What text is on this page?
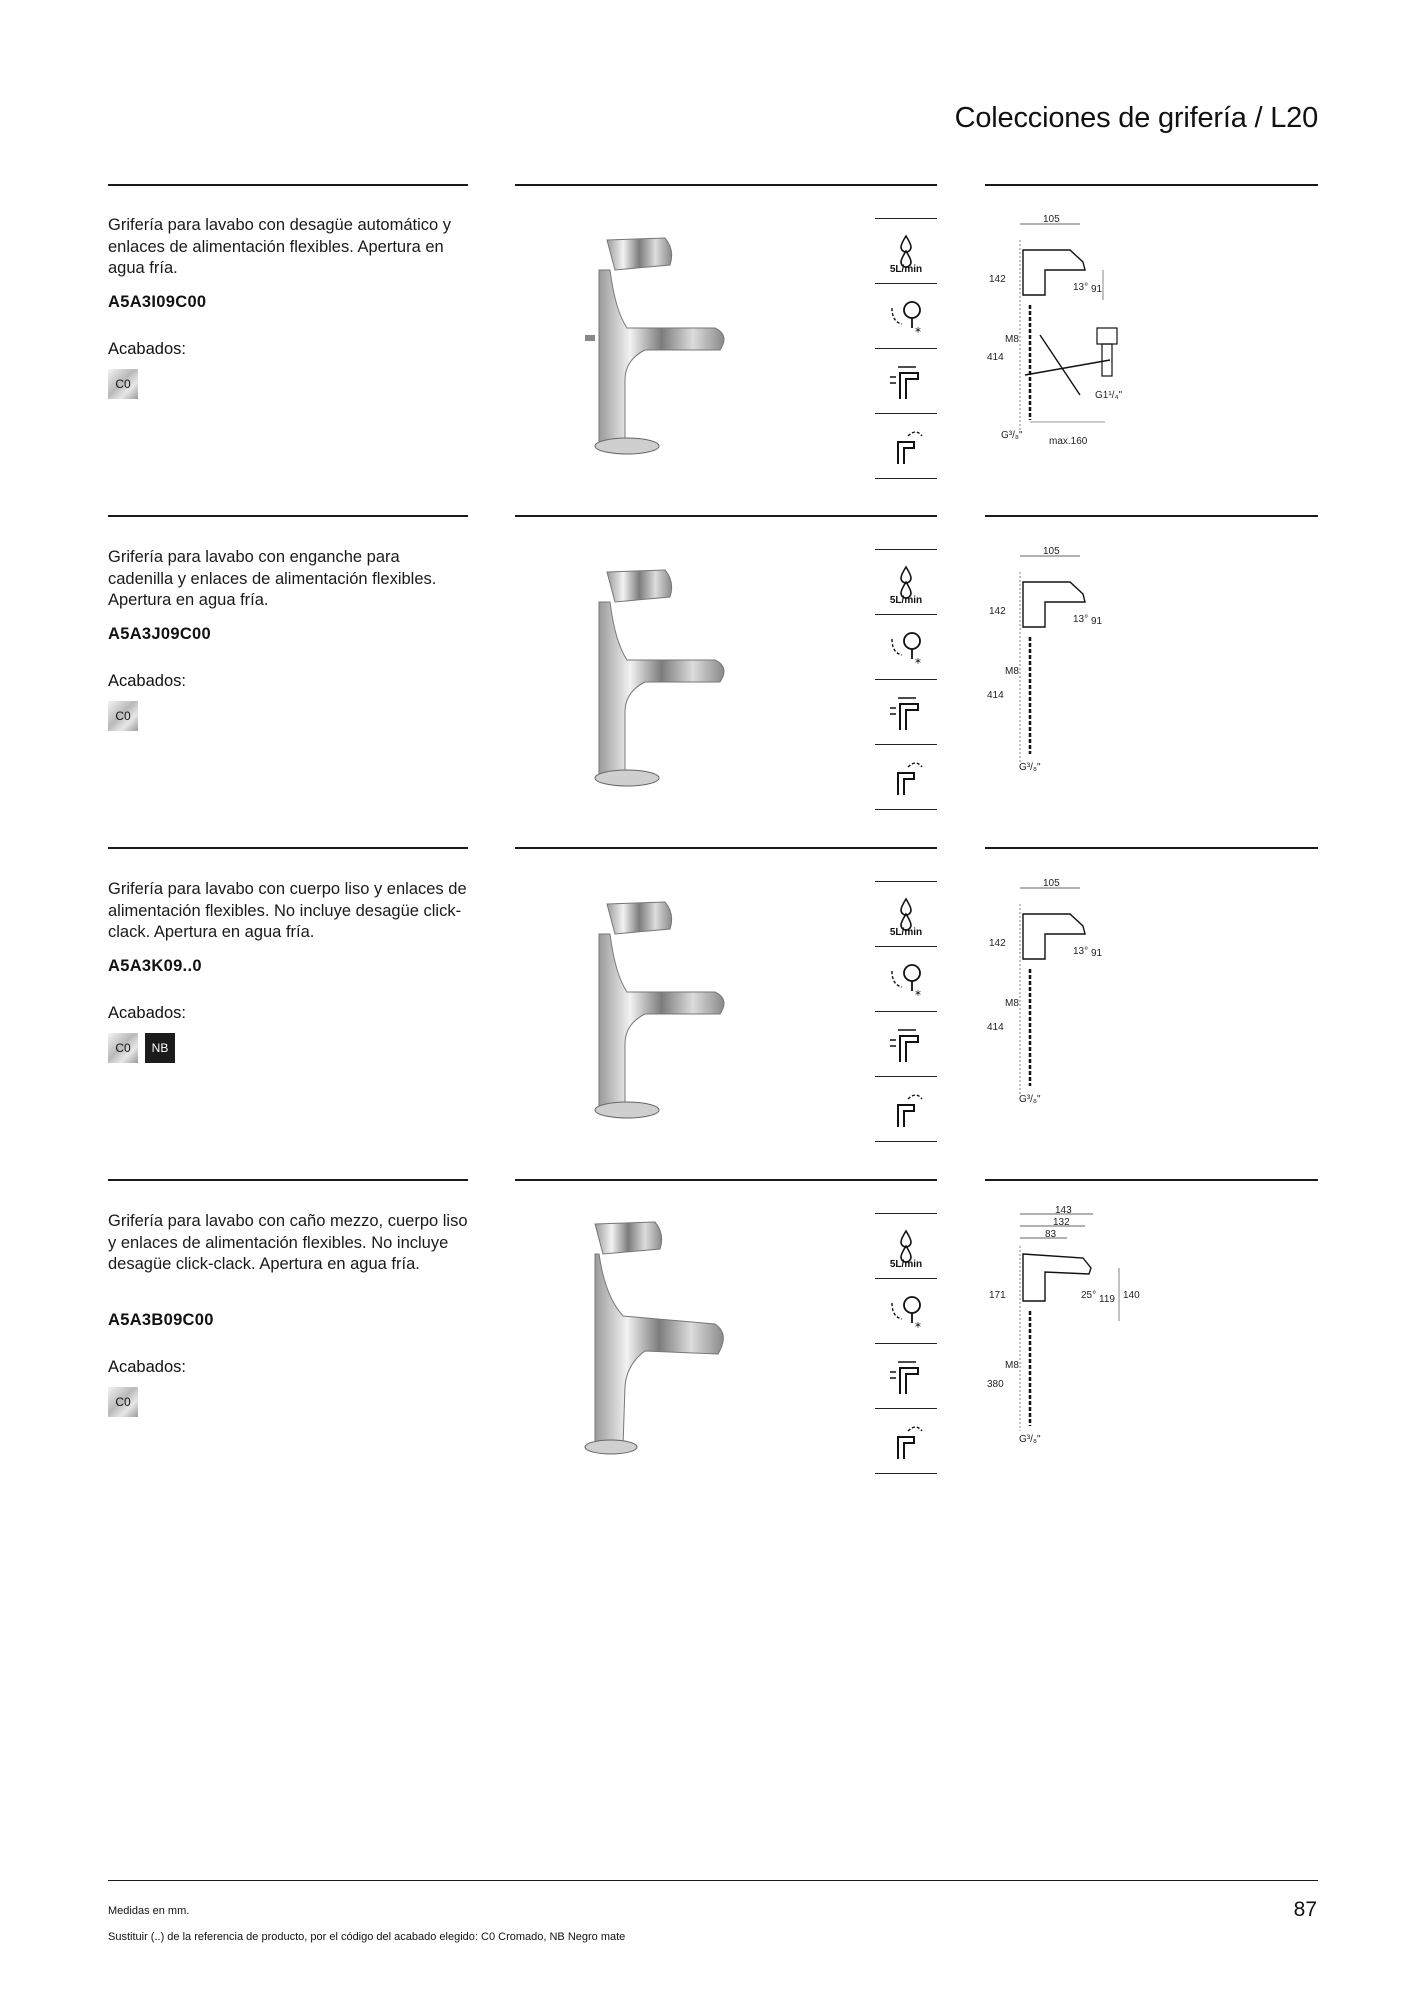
Colecciones de grifería / L20
Grifería para lavabo con desagüe automático y enlaces de alimentación flexibles. Apertura en agua fría.
A5A3I09C00
Acabados:
C0
5L/min
*
105
142
13° 91
M8
414
G³/₈"
G1¹/₄"
max.160
Grifería para lavabo con enganche para cadenilla y enlaces de alimentación flexibles. Apertura en agua fría.
A5A3J09C00
Acabados:
C0
5L/min
*
105
142
13° 91
M8
414
G³/₈"
Grifería para lavabo con cuerpo liso y enlaces de alimentación flexibles. No incluye desagüe click-clack. Apertura en agua fría.
A5A3K09..0
Acabados:
C0	NB
5L/min
*
105
142
13° 91
M8
414
G³/₈"
Grifería para lavabo con caño mezzo, cuerpo liso y enlaces de alimentación flexibles. No incluye desagüe click-clack. Apertura en agua fría.
A5A3B09C00
Acabados:
C0
5L/min
*
143
132
83
171	25° 119 140
M8
380
G³/₈"
Medidas en mm.
Sustituir (..) de la referencia de producto, por el código del acabado elegido: C0 Cromado, NB Negro mate
87
